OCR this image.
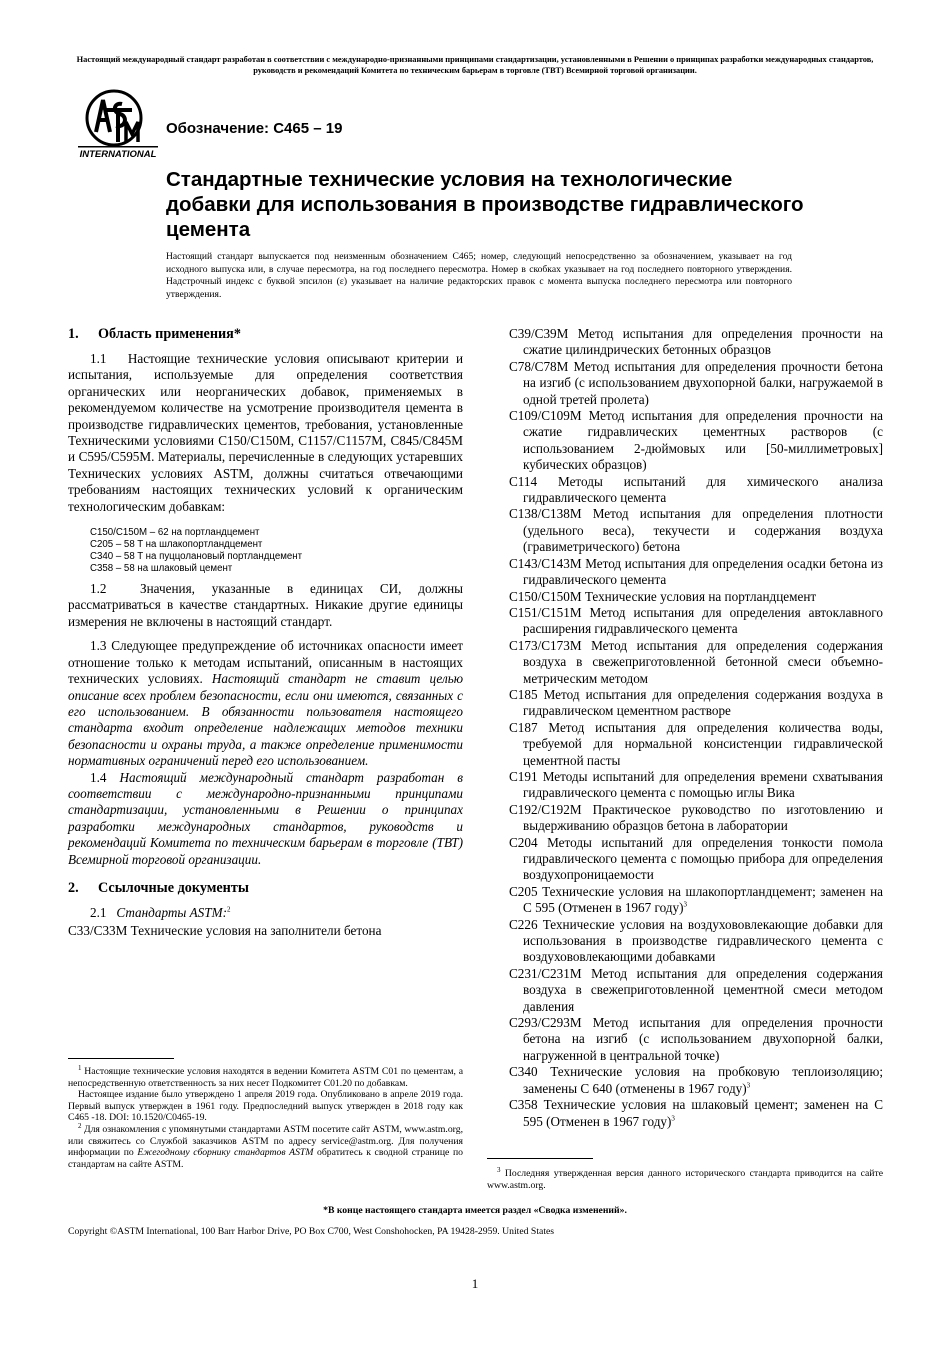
Настоящий международный стандарт разработан в соответствии с международно-признанными принципами стандартизации, установленными в Решении о принципах разработки международных стандартов, руководств и рекомендаций Комитета по техническим барьерам в торговле (ТВТ) Всемирной торговой организации.
INTERNATIONAL
Обозначение: C465 – 19
Стандартные технические условия на технологические добавки для использования в производстве гидравлического цемента
Настоящий стандарт выпускается под неизменным обозначением C465; номер, следующий непосредственно за обозначением, указывает на год исходного выпуска или, в случае пересмотра, на год последнего пересмотра. Номер в скобках указывает на год последнего повторного утверждения. Надстрочный индекс с буквой эпсилон (ε) указывает на наличие редакторских правок с момента выпуска последнего пересмотра или повторного утверждения.
1. Область применения*

1.1 Настоящие технические условия описывают критерии и испытания, используемые для определения соответствия органических или неорганических добавок, применяемых в рекомендуемом количестве на усмотрение производителя цемента в производстве гидравлических цементов, требования, установленные Техническими условиями C150/C150M, C1157/C1157M, C845/C845M и C595/C595M. Материалы, перечисленные в следующих устаревших Технических условиях ASTM, должны считаться отвечающими требованиям настоящих технических условий к органическим технологическим добавкам:

C150/C150M – 62 на портландцемент
C205 – 58 T на шлакопортландцемент
C340 – 58 T на пуццолановый портландцемент
C358 – 58 на шлаковый цемент

1.2	Значения, указанные в единицах СИ, должны рассматриваться в качестве стандартных. Никакие другие единицы измерения не включены в настоящий стандарт.

1.3 Следующее предупреждение об источниках опасности имеет отношение только к методам испытаний, описанным в настоящих технических условиях. Настоящий стандарт не ставит целью описание всех проблем безопасности, если они имеются, связанных с его использованием. В обязанности пользователя настоящего стандарта входит определение надлежащих методов техники безопасности и охраны труда, а также определение применимости нормативных ограничений перед его использованием.

1.4 Настоящий международный стандарт разработан в соответствии с международно-признанными принципами стандартизации, установленными в Решении о принципах разработки международных стандартов, руководств и рекомендаций Комитета по техническим барьерам в торговле (ТВТ) Всемирной торговой организации.

2. Ссылочные документы

2.1 Стандарты ASTM:$^2$

C33/C33M Технические условия на заполнители бетона
C39/C39M Метод испытания для определения прочности на сжатие цилиндрических бетонных образцов
C78/C78M Метод испытания для определения прочности бетона на изгиб (с использованием двухопорной балки, нагружаемой в одной третей пролета)
C109/C109M Метод испытания для определения прочности на сжатие гидравлических цементных растворов (с использованием 2-дюймовых или [50-миллиметровых] кубических образцов)
C114 Методы испытаний для химического анализа гидравлического цемента
C138/C138M Метод испытания для определения плотности (удельного веса), текучести и содержания воздуха (гравиметрического) бетона
C143/C143M Метод испытания для определения осадки бетона из гидравлического цемента
C150/C150M Технические условия на портландцемент
C151/C151M Метод испытания для определения автоклавного расширения гидравлического цемента
C173/C173M Метод испытания для определения содержания воздуха в свежеприготовленной бетонной смеси объемно-метрическим методом
C185 Метод испытания для определения содержания воздуха в гидравлическом цементном растворе
C187 Метод испытания для определения количества воды, требуемой для нормальной консистенции гидравлической цементной пасты
C191 Методы испытаний для определения времени схватывания гидравлического цемента с помощью иглы Вика
C192/C192M Практическое руководство по изготовлению и выдерживанию образцов бетона в лаборатории
C204 Методы испытаний для определения тонкости помола гидравлического цемента с помощью прибора для определения воздухопроницаемости
C205 Технические условия на шлакопортландцемент; заменен на C 595 (Отменен в 1967 году)$^3$
C226 Технические условия на воздухововлекающие добавки для использования в производстве гидравлического цемента с воздухововлекающими добавками
C231/C231M Метод испытания для определения содержания воздуха в свежеприготовленной цементной смеси методом давления
C293/C293M Метод испытания для определения прочности бетона на изгиб (с использованием двухопорной балки, нагруженной в центральной точке)
C340 Технические условия на пробковую теплоизоляцию; заменены C 640 (отменены в 1967 году)$^3$
C358 Технические условия на шлаковый цемент; заменен на C 595 (Отменен в 1967 году)$^3$
$^1$ Настоящие технические условия находятся в ведении Комитета ASTM C01 по цементам, а непосредственную ответственность за них несет Подкомитет C01.20 по добавкам.
Настоящее издание было утверждено 1 апреля 2019 года. Опубликовано в апреле 2019 года. Первый выпуск утвержден в 1961 году. Предпоследний выпуск утвержден в 2018 году как C465 -18. DOI: 10.1520/C0465-19.
$^2$ Для ознакомления с упомянутыми стандартами ASTM посетите сайт ASTM, www.astm.org, или свяжитесь со Службой заказчиков ASTM по адресу service@astm.org. Для получения информации по Ежегодному сборнику стандартов ASTM обратитесь к сводной странице по стандартам на сайте ASTM.
$^3$ Последняя утвержденная версия данного исторического стандарта приводится на сайте www.astm.org.
*В конце настоящего стандарта имеется раздел «Сводка изменений».
Copyright ©ASTM International, 100 Barr Harbor Drive, PO Box C700, West Conshohocken, PA 19428-2959. United States
1
